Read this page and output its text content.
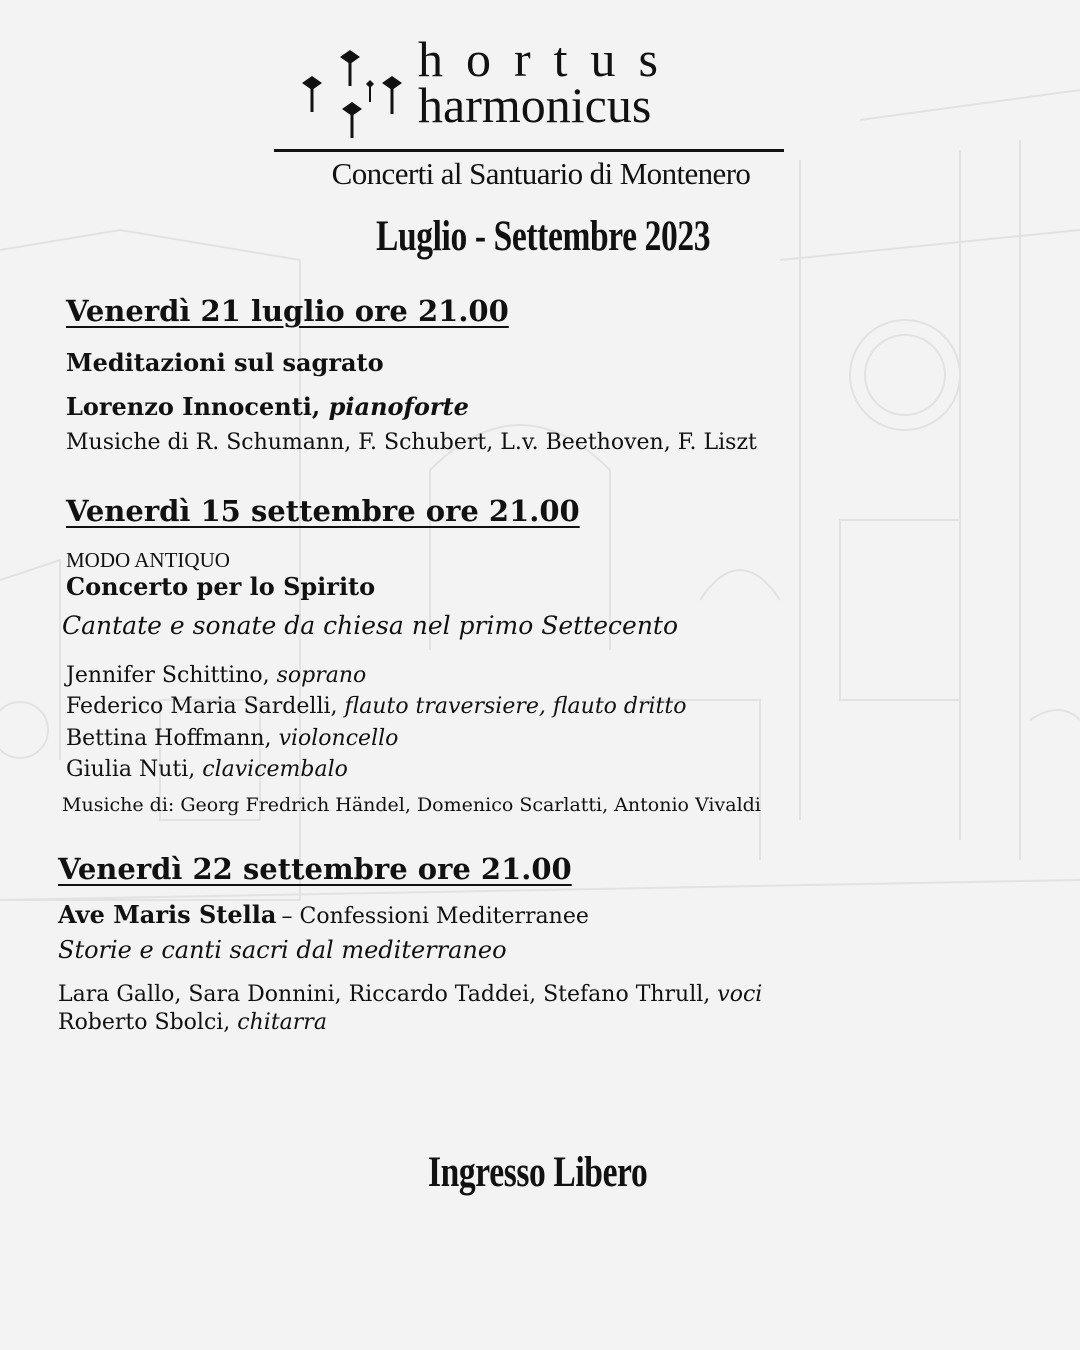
hortus
harmonicus
Concerti al Santuario di Montenero
Luglio - Settembre 2023
Venerdì 21 luglio ore 21.00
Meditazioni sul sagrato
Lorenzo Innocenti, pianoforte
Musiche di R. Schumann, F. Schubert, L.v. Beethoven, F. Liszt
Venerdì 15 settembre ore 21.00
MODO ANTIQUO
Concerto per lo Spirito
Cantate e sonate da chiesa nel primo Settecento
Jennifer Schittino, soprano
Federico Maria Sardelli, flauto traversiere, flauto dritto
Bettina Hoffmann, violoncello
Giulia Nuti, clavicembalo
Musiche di: Georg Fredrich Händel, Domenico Scarlatti, Antonio Vivaldi
Venerdì 22 settembre ore 21.00
Ave Maris Stella – Confessioni Mediterranee
Storie e canti sacri dal mediterraneo
Lara Gallo, Sara Donnini, Riccardo Taddei, Stefano Thrull, voci
Roberto Sbolci, chitarra
Ingresso Libero
